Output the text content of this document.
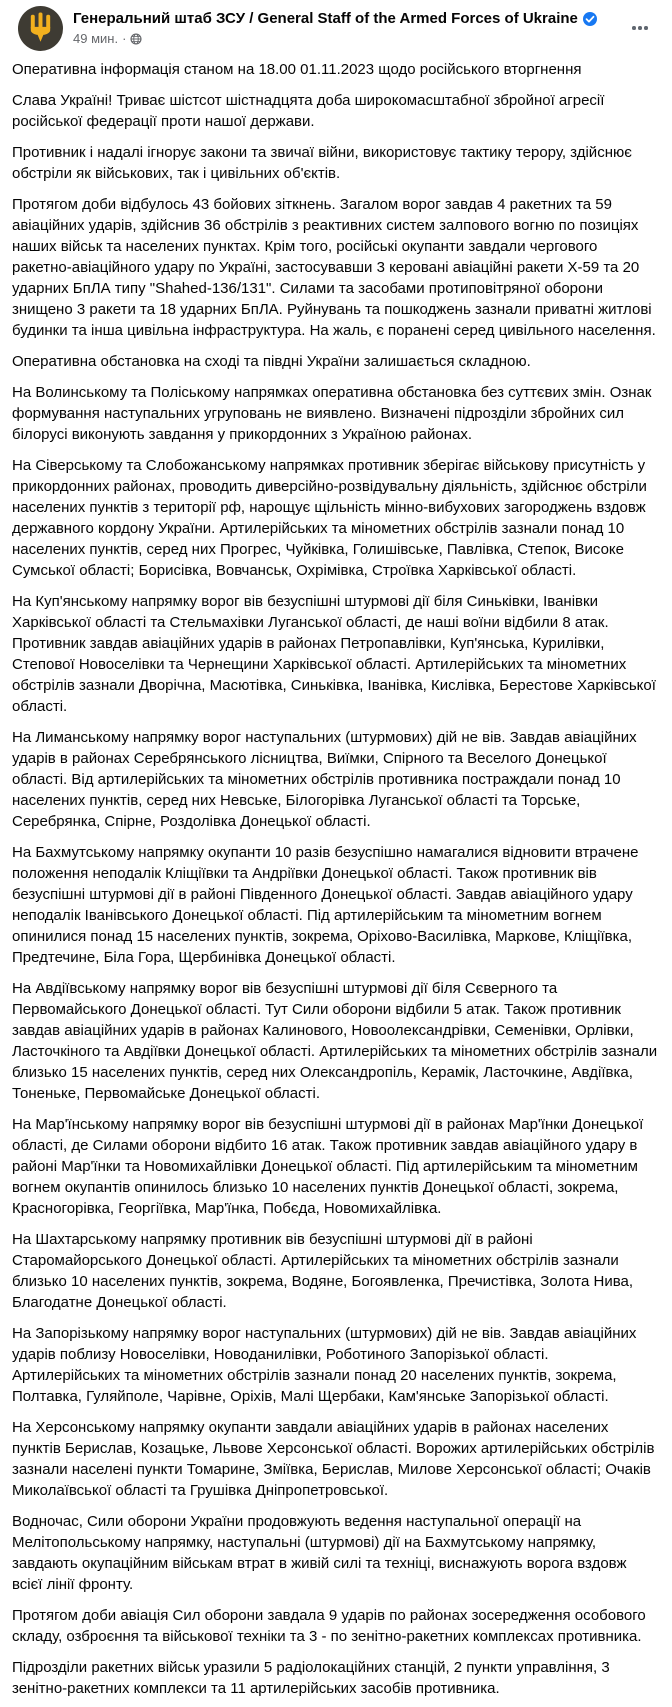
Генеральний штаб ЗСУ / General Staff of the Armed Forces of Ukraine
49 мин. ·

Оперативна інформація станом на 18.00 01.11.2023 щодо російського вторгнення

Слава Україні! Триває шістсот шістнадцята доба широкомасштабної збройної агресії російської федерації проти нашої держави.

Противник і надалі ігнорує закони та звичаї війни, використовує тактику терору, здійснює обстріли як військових, так і цивільних об'єктів.

Протягом доби відбулось 43 бойових зіткнень. Загалом ворог завдав 4 ракетних та 59 авіаційних ударів, здійснив 36 обстрілів з реактивних систем залпового вогню по позиціях наших військ та населених пунктах. Крім того, російські окупанти завдали чергового ракетно-авіаційного удару по Україні, застосувавши 3 керовані авіаційні ракети Х-59 та 20 ударних БпЛА типу "Shahed-136/131". Силами та засобами протиповітряної оборони знищено 3 ракети та 18 ударних БпЛА. Руйнувань та пошкоджень зазнали приватні житлові будинки та інша цивільна інфраструктура. На жаль, є поранені серед цивільного населення.

Оперативна обстановка на сході та півдні України залишається складною.

На Волинському та Поліському напрямках оперативна обстановка без суттєвих змін. Ознак формування наступальних угруповань не виявлено. Визначені підрозділи збройних сил білорусі виконують завдання у прикордонних з Україною районах.

На Сіверському та Слобожанському напрямках противник зберігає військову присутність у прикордонних районах, проводить диверсійно-розвідувальну діяльність, здійснює обстріли населених пунктів з території рф, нарощує щільність мінно-вибухових загороджень вздовж державного кордону України. Артилерійських та мінометних обстрілів зазнали понад 10 населених пунктів, серед них Прогрес, Чуйківка, Голишівське, Павлівка, Степок, Високе Сумської області; Борисівка, Вовчанськ, Охрімівка, Строївка Харківської області.

На Куп'янському напрямку ворог вів безуспішні штурмові дії біля Синьківки, Іванівки Харківської області та Стельмахівки Луганської області, де наші воїни відбили 8 атак. Противник завдав авіаційних ударів в районах Петропавлівки, Куп'янська, Курилівки, Степової Новоселівки та Чернещини Харківської області. Артилерійських та мінометних обстрілів зазнали Дворічна, Масютівка, Синьківка, Іванівка, Кислівка, Берестове Харківської області.

На Лиманському напрямку ворог наступальних (штурмових) дій не вів. Завдав авіаційних ударів в районах Серебрянського лісництва, Виїмки, Спірного та Веселого Донецької області. Від артилерійських та мінометних обстрілів противника постраждали понад 10 населених пунктів, серед них Невське, Білогорівка Луганської області та Торське, Серебрянка, Спірне, Роздолівка Донецької області.

На Бахмутському напрямку окупанти 10 разів безуспішно намагалися відновити втрачене положення неподалік Кліщіївки та Андріївки Донецької області. Також противник вів безуспішні штурмові дії в районі Південного Донецької області. Завдав авіаційного удару неподалік Іванівського Донецької області. Під артилерійським та мінометним вогнем опинилися понад 15 населених пунктів, зокрема, Оріхово-Василівка, Маркове, Кліщіївка, Предтечине, Біла Гора, Щербинівка Донецької області.

На Авдіївському напрямку ворог вів безуспішні штурмові дії біля Сєверного та Первомайського Донецької області. Тут Сили оборони відбили 5 атак. Також противник завдав авіаційних ударів в районах Калинового, Новоолександрівки, Семенівки, Орлівки, Ласточкіного та Авдіївки Донецької області. Артилерійських та мінометних обстрілів зазнали близько 15 населених пунктів, серед них Олександропіль, Керамік, Ласточкине, Авдіївка, Тоненьке, Первомайське Донецької області.

На Мар'їнському напрямку ворог вів безуспішні штурмові дії в районах Мар'їнки Донецької області, де Силами оборони відбито 16 атак. Також противник завдав авіаційного удару в районі Мар'їнки та Новомихайлівки Донецької області. Під артилерійським та мінометним вогнем окупантів опинилось близько 10 населених пунктів Донецької області, зокрема, Красногорівка, Георгіївка, Мар'їнка, Побєда, Новомихайлівка.

На Шахтарському напрямку противник вів безуспішні штурмові дії в районі Старомайорського Донецької області. Артилерійських та мінометних обстрілів зазнали близько 10 населених пунктів, зокрема, Водяне, Богоявленка, Пречистівка, Золота Нива, Благодатне Донецької області.

На Запорізькому напрямку ворог наступальних (штурмових) дій не вів. Завдав авіаційних ударів поблизу Новоселівки, Новоданилівки, Роботиного Запорізької області. Артилерійських та мінометних обстрілів зазнали понад 20 населених пунктів, зокрема, Полтавка, Гуляйполе, Чарівне, Оріхів, Малі Щербаки, Кам'янське Запорізької області.

На Херсонському напрямку окупанти завдали авіаційних ударів в районах населених пунктів Берислав, Козацьке, Львове Херсонської області. Ворожих артилерійських обстрілів зазнали населені пункти Томарине, Зміївка, Берислав, Милове Херсонської області; Очаків Миколаївської області та Грушівка Дніпропетровської.

Водночас, Сили оборони України продовжують ведення наступальної операції на Мелітопольському напрямку, наступальні (штурмові) дії на Бахмутському напрямку, завдають окупаційним військам втрат в живій силі та техніці, виснажують ворога вздовж всієї лінії фронту.

Протягом доби авіація Сил оборони завдала 9 ударів по районах зосередження особового складу, озброєння та військової техніки та 3 - по зенітно-ракетних комплексах противника.

Підрозділи ракетних військ уразили 5 радіолокаційних станцій, 2 пункти управління, 3 зенітно-ракетних комплекси та 11 артилерійських засобів противника.
